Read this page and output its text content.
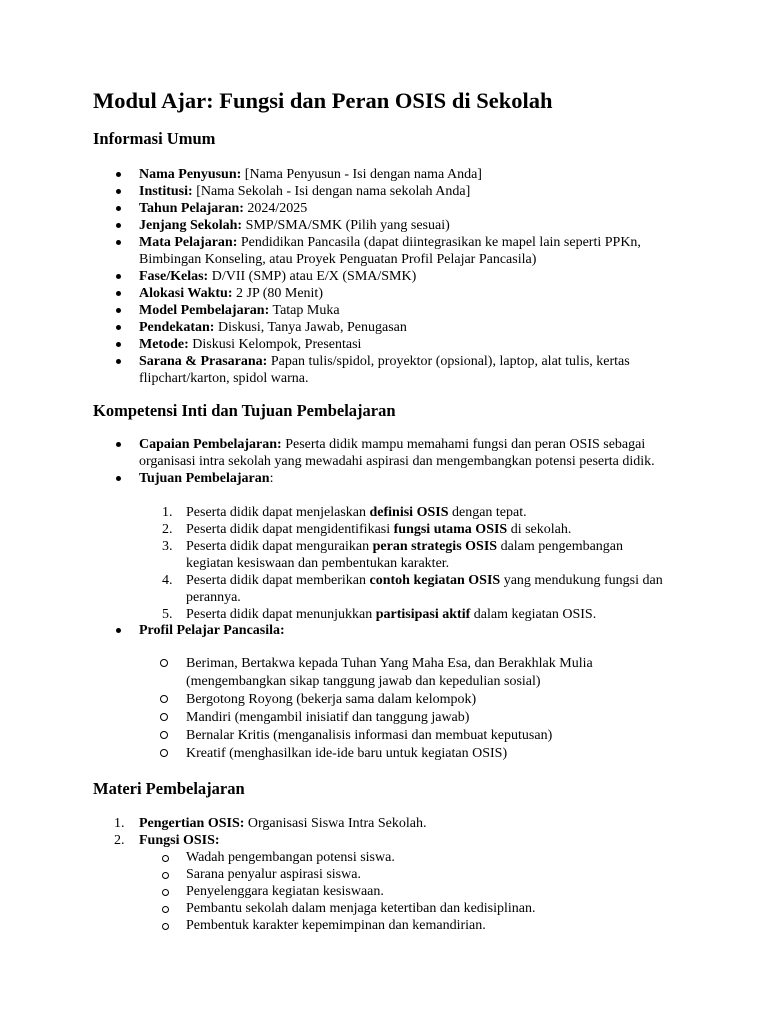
Modul Ajar: Fungsi dan Peran OSIS di Sekolah
Informasi Umum
Nama Penyusun: [Nama Penyusun - Isi dengan nama Anda]
Institusi: [Nama Sekolah - Isi dengan nama sekolah Anda]
Tahun Pelajaran: 2024/2025
Jenjang Sekolah: SMP/SMA/SMK (Pilih yang sesuai)
Mata Pelajaran: Pendidikan Pancasila (dapat diintegrasikan ke mapel lain seperti PPKn, Bimbingan Konseling, atau Proyek Penguatan Profil Pelajar Pancasila)
Fase/Kelas: D/VII (SMP) atau E/X (SMA/SMK)
Alokasi Waktu: 2 JP (80 Menit)
Model Pembelajaran: Tatap Muka
Pendekatan: Diskusi, Tanya Jawab, Penugasan
Metode: Diskusi Kelompok, Presentasi
Sarana & Prasarana: Papan tulis/spidol, proyektor (opsional), laptop, alat tulis, kertas flipchart/karton, spidol warna.
Kompetensi Inti dan Tujuan Pembelajaran
Capaian Pembelajaran: Peserta didik mampu memahami fungsi dan peran OSIS sebagai organisasi intra sekolah yang mewadahi aspirasi dan mengembangkan potensi peserta didik.
Tujuan Pembelajaran:
1. Peserta didik dapat menjelaskan definisi OSIS dengan tepat.
2. Peserta didik dapat mengidentifikasi fungsi utama OSIS di sekolah.
3. Peserta didik dapat menguraikan peran strategis OSIS dalam pengembangan kegiatan kesiswaan dan pembentukan karakter.
4. Peserta didik dapat memberikan contoh kegiatan OSIS yang mendukung fungsi dan perannya.
5. Peserta didik dapat menunjukkan partisipasi aktif dalam kegiatan OSIS.
Profil Pelajar Pancasila:
Beriman, Bertakwa kepada Tuhan Yang Maha Esa, dan Berakhlak Mulia (mengembangkan sikap tanggung jawab dan kepedulian sosial)
Bergotong Royong (bekerja sama dalam kelompok)
Mandiri (mengambil inisiatif dan tanggung jawab)
Bernalar Kritis (menganalisis informasi dan membuat keputusan)
Kreatif (menghasilkan ide-ide baru untuk kegiatan OSIS)
Materi Pembelajaran
1. Pengertian OSIS: Organisasi Siswa Intra Sekolah.
2. Fungsi OSIS:
Wadah pengembangan potensi siswa.
Sarana penyalur aspirasi siswa.
Penyelenggara kegiatan kesiswaan.
Pembantu sekolah dalam menjaga ketertiban dan kedisiplinan.
Pembentuk karakter kepemimpinan dan kemandirian.
